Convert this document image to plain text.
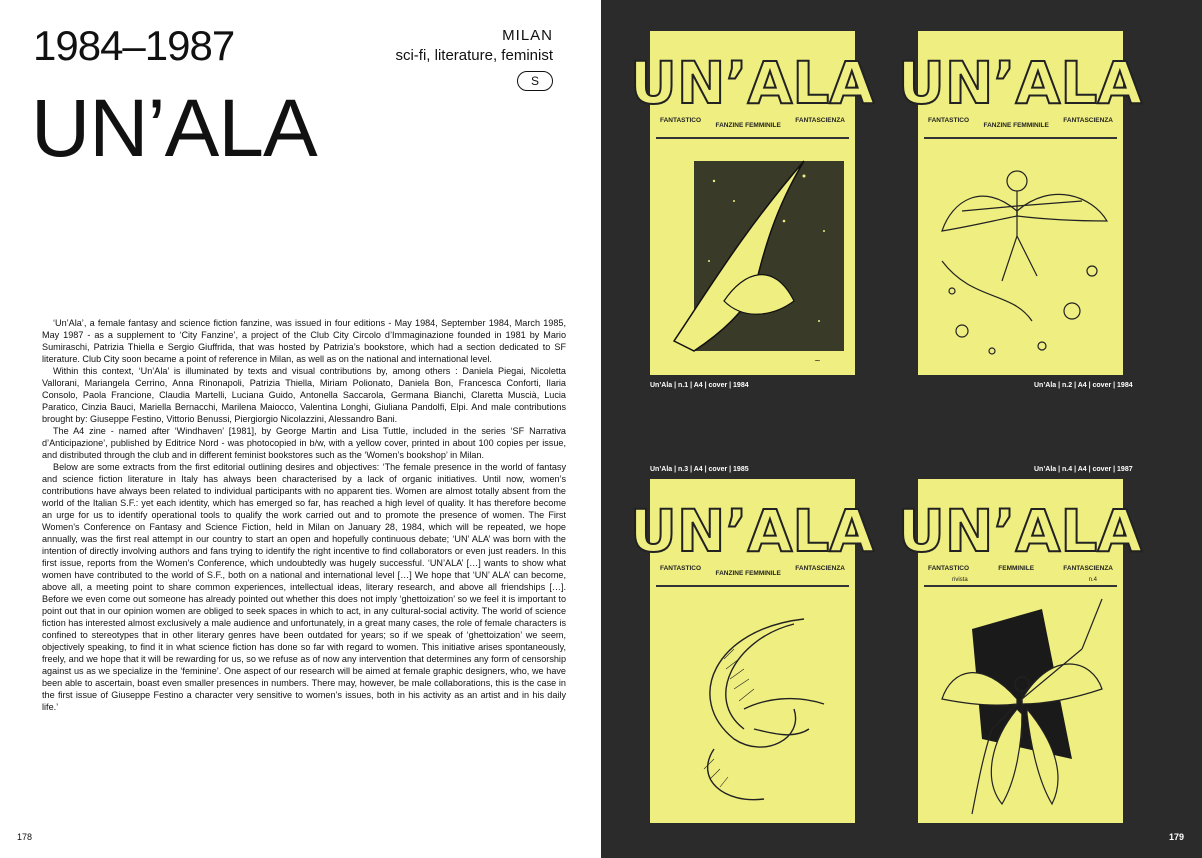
1984–1987	MILAN
sci-fi, literature, feminist
S
UN’ALA

‘Un’Ala’, a female fantasy and science fiction fanzine, was issued in four editions - May 1984, September 1984, March 1985, May 1987 - as a supplement to ‘City Fanzine’, a project of the Club City Circolo d’Immaginazione founded in 1981 by Mario Sumiraschi, Patrizia Thiella e Sergio Giuffrida, that was hosted by Patrizia’s bookstore, which had a section dedicated to SF literature. Club City soon became a point of reference in Milan, as well as on the national and international level.

Within this context, ‘Un’Ala’ is illuminated by texts and visual contributions by, among others : Daniela Piegai, Nicoletta Vallorani, Mariangela Cerrino, Anna Rinonapoli, Patrizia Thiella, Miriam Polionato, Daniela Bon, Francesca Conforti, Ilaria Consolo, Paola Francione, Claudia Martelli, Luciana Guido, Antonella Saccarola, Germana Bianchi, Claretta Muscià, Lucia Paratico, Cinzia Bauci, Mariella Bernacchi, Marilena Maiocco, Valentina Longhi, Giuliana Pandolfi, Elpi. And male contributions brought by: Giuseppe Festino, Vittorio Benussi, Piergiorgio Nicolazzini, Alessandro Bani.

The A4 zine - named after ‘Windhaven’ [1981], by George Martin and Lisa Tuttle, included in the series ‘SF Narrativa d’Anticipazione’, published by Editrice Nord - was photocopied in b/w, with a yellow cover, printed in about 100 copies per issue, and distributed through the club and in different feminist bookstores such as the ‘Women’s bookshop’ in Milan.

Below are some extracts from the first editorial outlining desires and objectives: ‘The female presence in the world of fantasy and science fiction literature in Italy has always been characterised by a lack of organic initiatives. Until now, women’s contributions have always been related to individual participants with no apparent ties. Women are almost totally absent from the world of the Italian S.F.: yet each identity, which has emerged so far, has reached a high level of quality. It has therefore become an urge for us to identify operational tools to qualify the work carried out and to promote the presence of women. The First Women’s Conference on Fantasy and Science Fiction, held in Milan on January 28, 1984, which will be repeated, we hope annually, was the first real attempt in our country to start an open and hopefully continuous debate; ‘UN’ ALA’ was born with the intention of directly involving authors and fans trying to identify the right incentive to find collaborators or even just readers. In this first issue, reports from the Women’s Conference, which undoubtedly was hugely successful. ‘UN’ALA’ […] wants to show what women have contributed to the world of S.F., both on a national and international level […] We hope that ‘UN’ ALA’ can become, above all, a meeting point to share common experiences, intellectual ideas, literary research, and above all friendships […]. Before we even come out someone has already pointed out whether this does not imply ‘ghettoization’ so we feel it is important to point out that in our opinion women are obliged to seek spaces in which to act, in any cultural-social activity. The world of science fiction has interested almost exclusively a male audience and unfortunately, in a great many cases, the role of female characters is confined to stereotypes that in other literary genres have been outdated for years; so if we speak of ‘ghettoization’ we seem, objectively speaking, to find it in what science fiction has done so far with regard to women. This initiative arises spontaneously, freely, and we hope that it will be rewarding for us, so we refuse as of now any intervention that determines any form of censorship against us as we specialize in the ‘feminine’. One aspect of our research will be aimed at female graphic designers, who, we have been able to ascertain, boast even smaller presences in numbers. There may, however, be male collaborations, this is the case in the first issue of Giuseppe Festino a character very sensitive to women’s issues, both in his activity as an artist and in his daily life.’

178	179
UN’ALA
FANTASTICO
FANZINE FEMMINILE
FANTASCIENZA
~
UN’ALA
FANTASTICO
FANZINE FEMMINILE
FANTASCIENZA
UN’ALA
FANTASTICO
FANZINE FEMMINILE
FANTASCIENZA
UN’ALA
FANTASTICO	FEMMINILE	FANTASCIENZA
rivista	n.4
Un’Ala | n.1 | A4 | cover | 1984	Un’Ala | n.2 | A4 | cover | 1984
Un’Ala | n.3 | A4 | cover | 1985	Un’Ala | n.4 | A4 | cover | 1987
